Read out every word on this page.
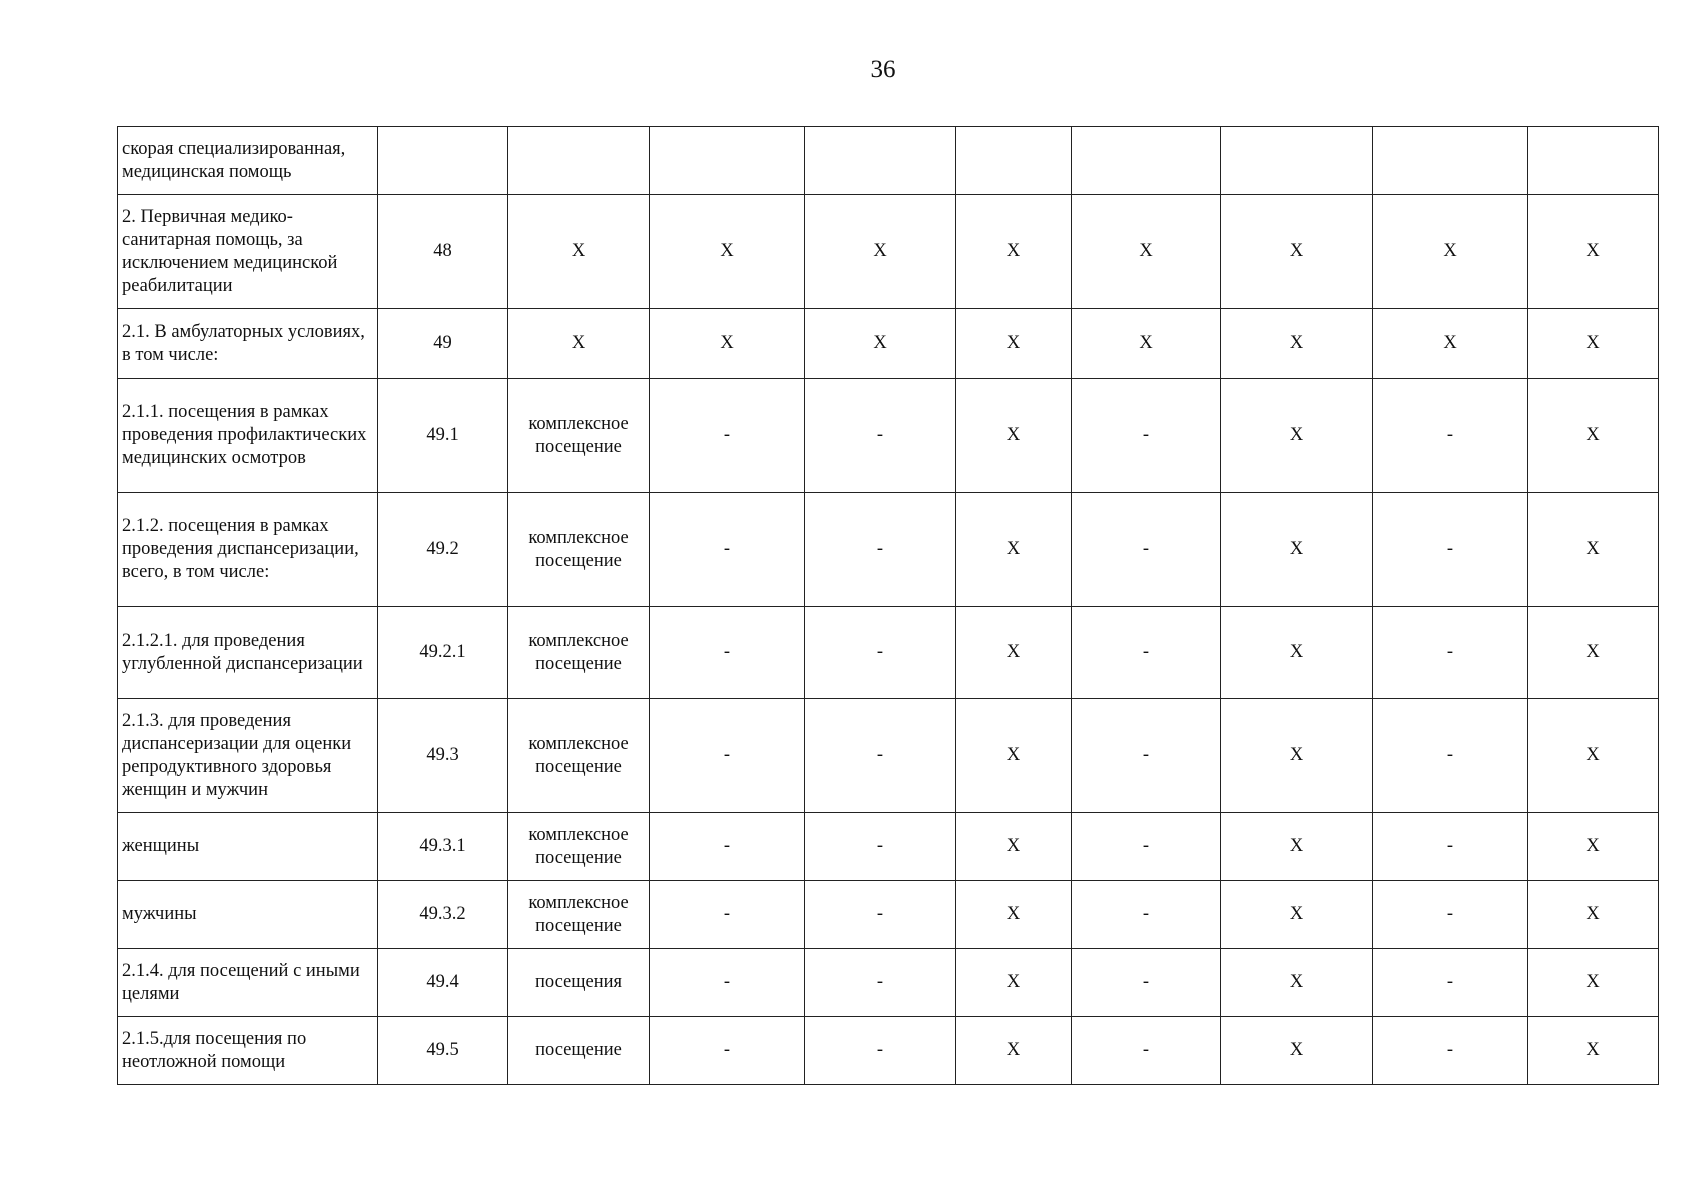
36
скорая специализированная, медицинская помощь									
2. Первичная медико-санитарная помощь, за исключением медицинской реабилитации	48	Х	Х	Х	Х	Х	Х	Х	Х
2.1. В амбулаторных условиях, в том числе:	49	Х	Х	Х	Х	Х	Х	Х	Х
2.1.1. посещения в рамках проведения профилактических медицинских осмотров	49.1	комплексное посещение	-	-	Х	-	Х	-	Х
2.1.2. посещения в рамках проведения диспансеризации, всего, в том числе:	49.2	комплексное посещение	-	-	Х	-	Х	-	Х
2.1.2.1. для проведения углубленной диспансеризации	49.2.1	комплексное посещение	-	-	Х	-	Х	-	Х
2.1.3. для проведения диспансеризации для оценки репродуктивного здоровья женщин и мужчин	49.3	комплексное посещение	-	-	Х	-	Х	-	Х
женщины	49.3.1	комплексное посещение	-	-	Х	-	Х	-	Х
мужчины	49.3.2	комплексное посещение	-	-	Х	-	Х	-	Х
2.1.4. для посещений с иными целями	49.4	посещения	-	-	Х	-	Х	-	Х
2.1.5.для посещения по неотложной помощи	49.5	посещение	-	-	Х	-	Х	-	Х
